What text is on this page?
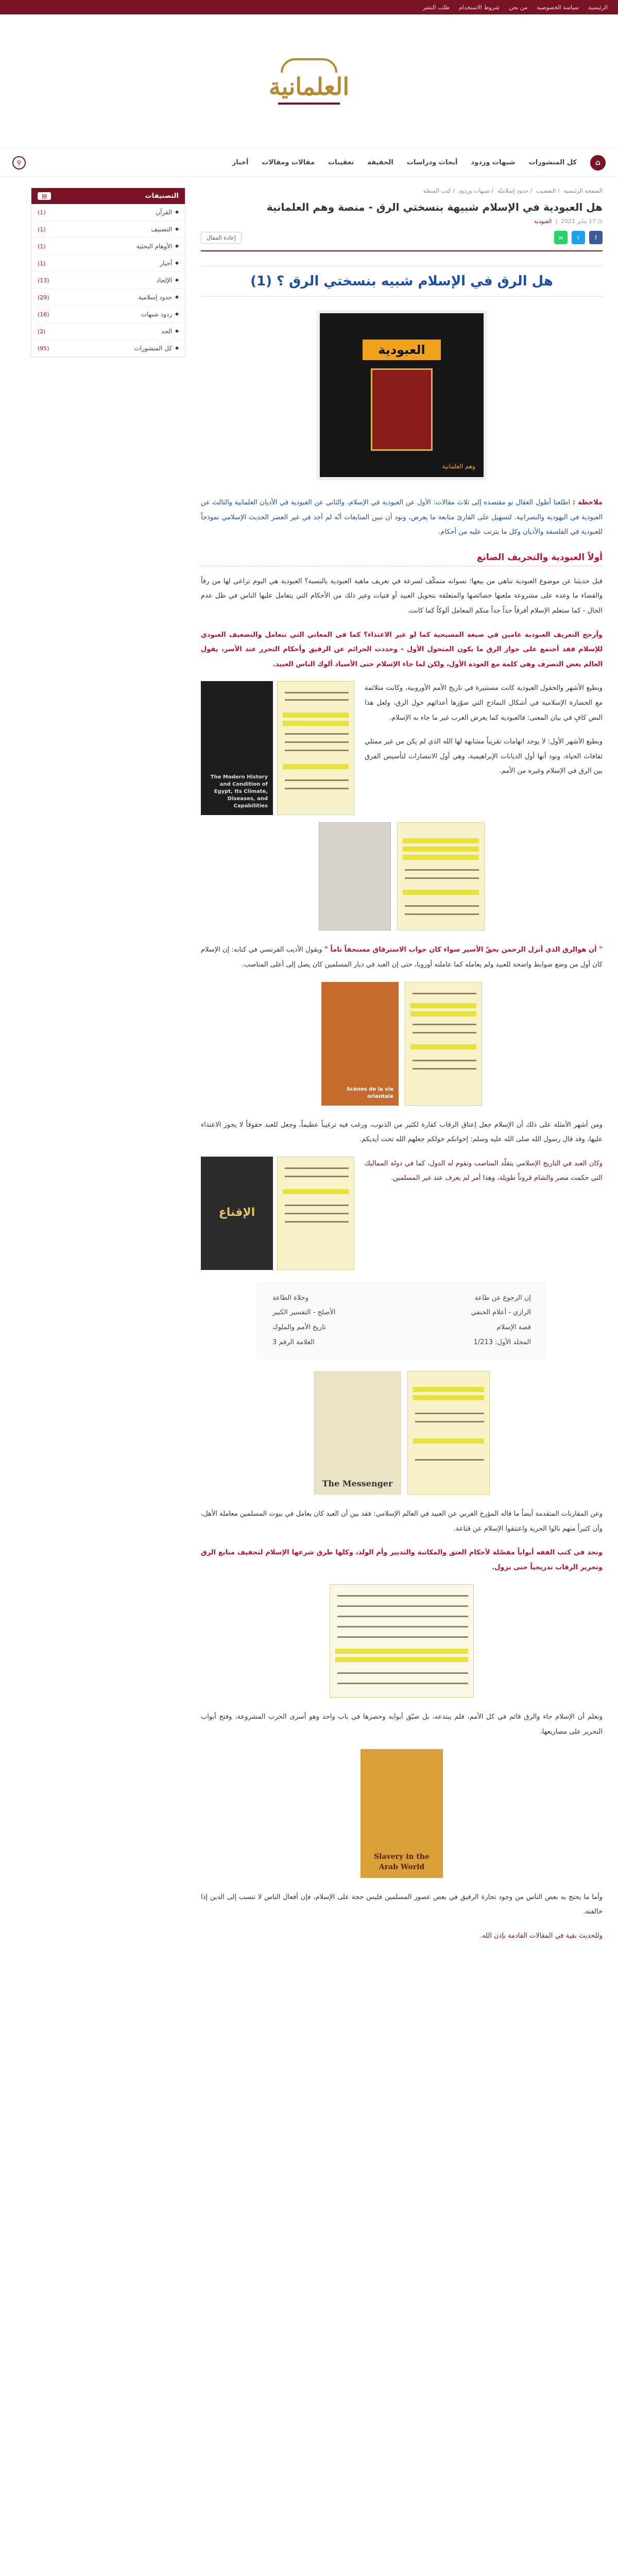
الرئيسية
سياسة الخصوصية
من نحن
شروط الاستخدام
طلب النشر
العلمانية
⌂
كل المنشورات
شبهات وردود
أبحاث ودراسات
الحقيقة
تعقيبات
مقالات ومقالات
أخبار
⚲
الصفحة الرئيسية / التعصيب / حدود إسلاميّة / شبهات وردود / كتب المنصّة
هل العبودية في الإسلام شبيهة بنسختي الرق - منصة وهم العلمانية
◷ 17 يناير 2021  |  العبودية
f
t
w
إعادة المقال
هل الرق في الإسلام شبيه بنسختي الرق ؟ (1)
العبودية
وهم العلمانية

ملاحظة : اطلعنا أطول العقال نو مقتصده إلى ثلاث مقالات: الأول عن العبودية في الإسلام، والثاني عن العبودية في الأديان العلمانية والثالث عن العبودية في اليهودية والنصرانية. لتسهيل على القارئ متابعة ما يعرض، ونود أن نبين المتابعات أنّه لم أجد في غير العصر الحديث الإسلامي نموذجاً للعبودية في الفلسفة والأديان وكل ما يترتب عليه من أحكام.

أولاً العبودية والتحريف الصانع

قبل حديثنا عن موضوع العبودية تناهي من بيعها؛ نسوانه متمكّف لسرعة في تعريف ماهية العبودية بالنسبة؟ العبودية هي اليوم تراعي لها من رقاً والقضاء ما وعده على مشروعة ملعبها خصائصها والمتعلقة بتحويل العبيد أو فتيات وغير ذلك من الأحكام التي يتعامل عليها الناس في ظل عدم الحال - كما ستعلم الإسلام أفرقاً جداً جداً منكم المعامل ألوكاً كما كانت.

وأرجح التعريف العبودية عامين في صيغة المسيحية كما لو غير الاعتداء؟ كما في المعاني التي تتعامل والتضعيف العبودي للإسلام فقد أجتمع على جواز الرق ما يكون المتحول الأول - وحددت الجرائم عن الرقيق وأحكام التحرر عند الأسر، يقول العالم بعض التصرف وهي كلمة مع العودة الأول، ولكن لما جاء الإسلام حتى الأسياد ألوك الناس العبيد.

The Modern History and Condition of Egypt, Its Climate, Diseases, and Capabilities

وبطبع الأشهر والحقول العبودية كانت مستنيرة في تاريخ الأمم الأوروبية، وكانت متلائمة مع الحضارة الإسلامية في أشكال النماذج التي صوّرها أعدائهم حول الرق، ولعل هذا النص كافٍ في بيان المعنى: فالعبودية كما يعرض الغرب غير ما جاء به الإسلام.

وبطبع الأشهر الأول: لا يوجد اتهامات تقريباً مشابهة لها الله الذي لم يكن من غير ممثلي ثقافات الحياة، ونود أنها أول الديانات الإبراهيمية، وهي أول الانتصارات لتأسيس الفرق بين الرق في الإسلام وغيره من الأمم.

" أن هوالرق الذي أنزل الرحمن بحقّ الأسير سواء كان جواب الاسترقاق مستحقاً تاماً " ويقول الأديب الفرنسي في كتابه: إن الإسلام كان أول من وضع ضوابط واضحة للعبيد ولم يعامله كما عاملته أوروبا، حتى إن العبد في ديار المسلمين كان يصل إلى أعلى المناصب.

Scènes de la vie orientale

ومن أشهر الأمثلة على ذلك أن الإسلام جعل إعتاق الرقاب كفارة لكثير من الذنوب، ورغب فيه ترغيباً عظيماً، وجعل للعبد حقوقاً لا يجوز الاعتداء عليها، وقد قال رسول الله صلى الله عليه وسلم: إخوانكم خولكم جعلهم الله تحت أيديكم.

الإقناع

وكان العبد في التاريخ الإسلامي يتقلّد المناصب وتقوم له الدول، كما في دولة المماليك التي حكمت مصر والشام قروناً طويلة، وهذا أمر لم يعرف عند غير المسلمين.

إن الرجوع عن طاعة
وحلاة الطاعة
الرازي - أعلام الحنفي
الأصلح - التفسير الكبير
قصة الإسلام
تاريخ الأمم والملوك
المجلد الأول: 1/213
العلامة الرقم 3
The Messenger

وعن المقارنات المتقدمة أيضاً ما قاله المؤرخ الغربي عن العبيد في العالم الإسلامي: فقد بين أن العبد كان يعامل في بيوت المسلمين معاملة الأهل، وأن كثيراً منهم نالوا الحرية واعتنقوا الإسلام عن قناعة.

ونجد في كتب الفقه أبواباً مفصّلة لأحكام العتق والمكاتبة والتدبير وأم الولد، وكلها طرق شرعها الإسلام لتجفيف منابع الرق وتحرير الرقاب تدريجياً حتى يزول.

ونعلم أن الإسلام جاء والرق قائم في كل الأمم، فلم يبتدعه، بل ضيّق أبوابه وحصرها في باب واحد وهو أسرى الحرب المشروعة، وفتح أبواب التحرير على مصاريعها.

Slavery in the Arab World

وأما ما يحتج به بعض الناس من وجود تجارة الرقيق في بعض عصور المسلمين فليس حجة على الإسلام، فإن أفعال الناس لا تنسب إلى الدين إذا خالفته.

وللحديث بقية في المقالات القادمة بإذن الله.

التصنيفات
▤
◆
القرآن
(1)
◆
التصنيف
(1)
◆
الأوهام البحثية
(1)
◆
أخبار
(1)
◆
الإلحاد
(13)
◆
حدود إسلامية
(29)
◆
ردود شبهات
(16)
◆
الحد
(2)
◆
كل المنشورات
(95)
